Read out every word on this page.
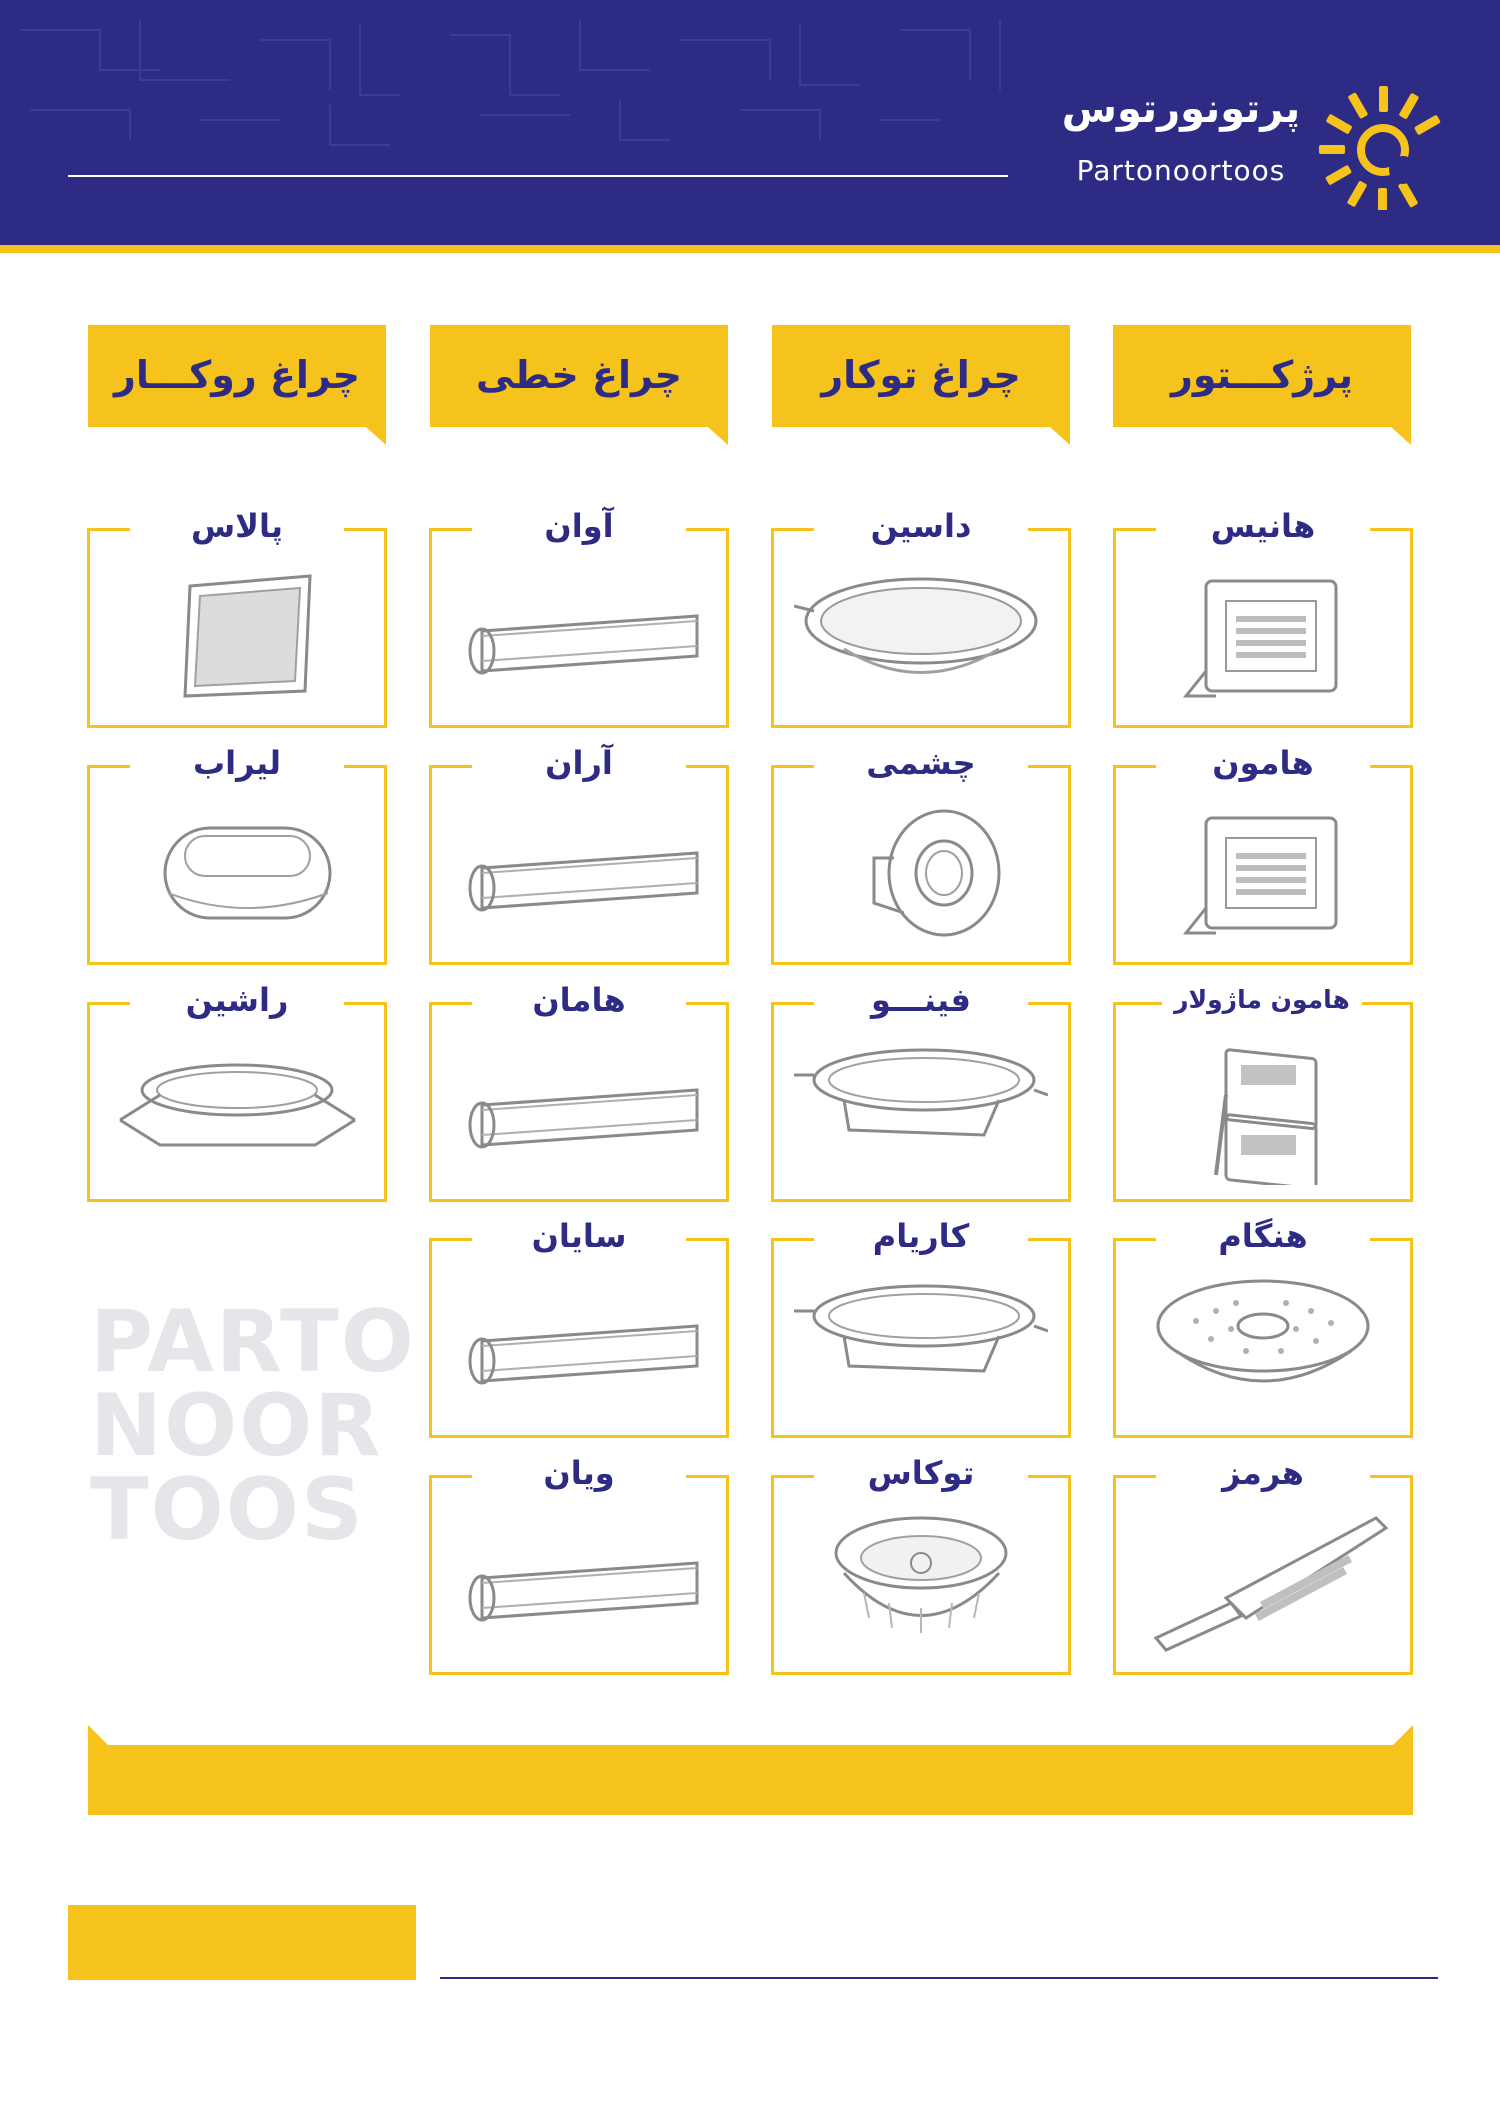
پرتونورتوس
Partonoortoos
پرژکـــتور
چراغ توکار
چراغ خطی
چراغ روکـــار
هانیس
هامون
هامون ماژولار
هنگام
هرمز
داسین
چشمی
فینـــو
کاریام
توکاس
آوان
آران
هامان
سایان
ویان
پالاس
لیراب
راشین
PARTO
NOOR
TOOS
